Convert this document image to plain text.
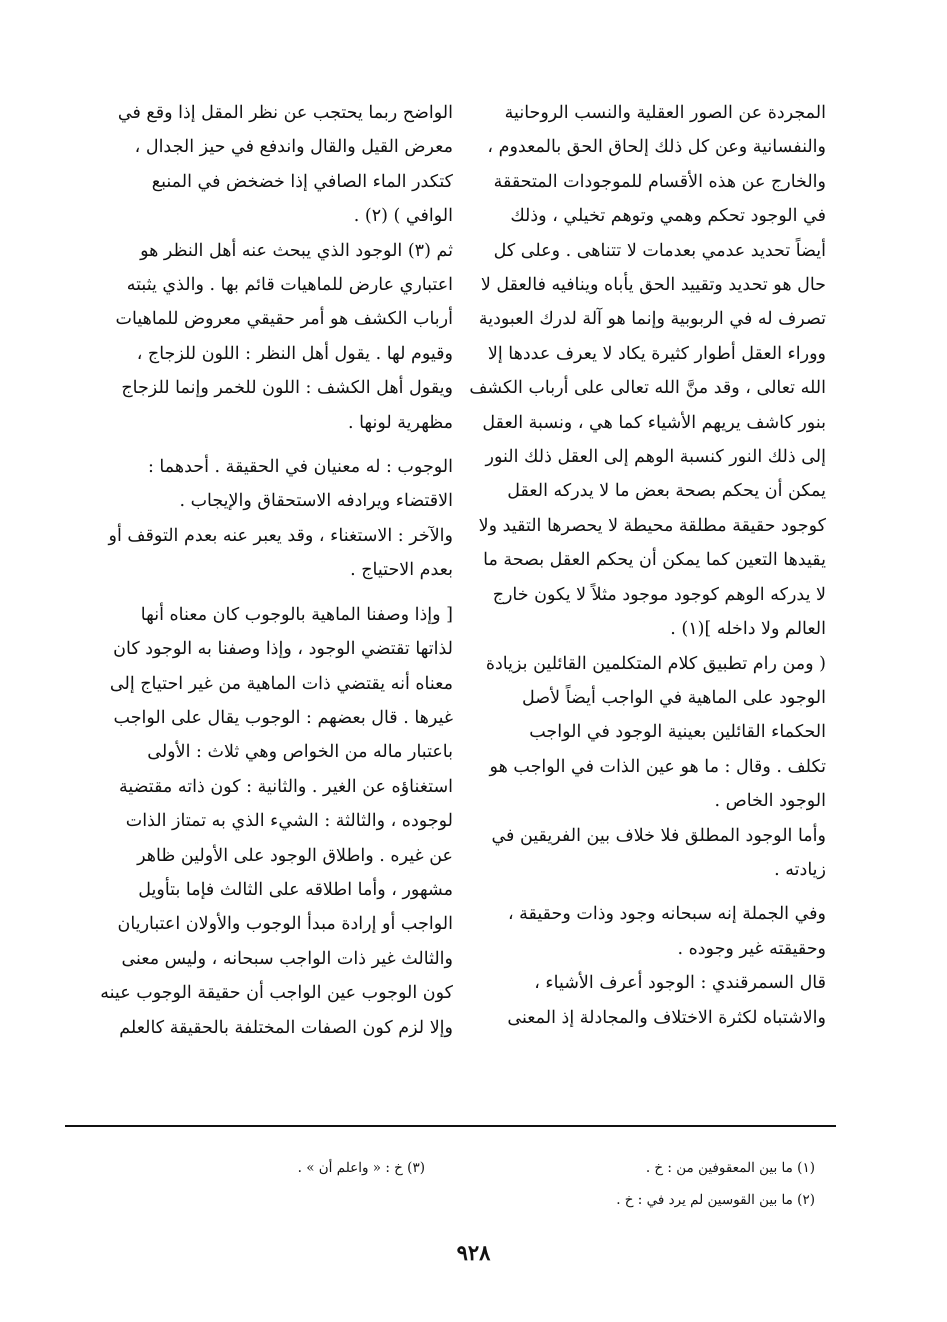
المجردة عن الصور العقلية والنسب الروحانية
والنفسانية وعن كل ذلك إلحاق الحق بالمعدوم ،
والخارج عن هذه الأقسام للموجودات المتحققة
في الوجود تحكم وهمي وتوهم تخيلي ، وذلك
أيضاً تحديد عدمي بعدمات لا تتناهى . وعلى كل
حال هو تحديد وتقييد الحق يأباه وينافيه فالعقل لا
تصرف له في الربوبية وإنما هو آلة لدرك العبودية
ووراء العقل أطوار كثيرة يكاد لا يعرف عددها إلا
الله تعالى ، وقد منَّ الله تعالى على أرباب الكشف
بنور كاشف يريهم الأشياء كما هي ، ونسبة العقل
إلى ذلك النور كنسبة الوهم إلى العقل ذلك النور
يمكن أن يحكم بصحة بعض ما لا يدركه العقل
كوجود حقيقة مطلقة محيطة لا يحصرها التقيد ولا
يقيدها التعين كما يمكن أن يحكم العقل بصحة ما
لا يدركه الوهم كوجود موجود مثلاً لا يكون خارج
العالم ولا داخله ](١) .

( ومن رام تطبيق كلام المتكلمين القائلين بزيادة
الوجود على الماهية في الواجب أيضاً لأصل
الحكماء القائلين بعينية الوجود في الواجب
تكلف . وقال : ما هو عين الذات في الواجب هو
الوجود الخاص .

وأما الوجود المطلق فلا خلاف بين الفريقين في
زيادته .

وفي الجملة إنه سبحانه وجود وذات وحقيقة ،
وحقيقته غير وجوده .

قال السمرقندي : الوجود أعرف الأشياء ،
والاشتباه لكثرة الاختلاف والمجادلة إذ المعنى

الواضح ربما يحتجب عن نظر المقل إذا وقع في
معرض القيل والقال واندفع في حيز الجدال ،
كتكدر الماء الصافي إذا خضخض في المنبع
الوافي ) (٢) .

ثم (٣) الوجود الذي يبحث عنه أهل النظر هو
اعتباري عارض للماهيات قائم بها . والذي يثبته
أرباب الكشف هو أمر حقيقي معروض للماهيات
وقيوم لها . يقول أهل النظر : اللون للزجاج ،
ويقول أهل الكشف : اللون للخمر وإنما للزجاج
مظهرية لونها .

الوجوب : له معنيان في الحقيقة . أحدهما :
الاقتضاء ويرادفه الاستحقاق والإيجاب .

والآخر : الاستغناء ، وقد يعبر عنه بعدم التوقف أو
بعدم الاحتياج .

[ وإذا وصفنا الماهية بالوجوب كان معناه أنها
لذاتها تقتضي الوجود ، وإذا وصفنا به الوجود كان
معناه أنه يقتضي ذات الماهية من غير احتياج إلى
غيرها . قال بعضهم : الوجوب يقال على الواجب
باعتبار ماله من الخواص وهي ثلاث : الأولى
استغناؤه عن الغير . والثانية : كون ذاته مقتضية
لوجوده ، والثالثة : الشيء الذي به تمتاز الذات
عن غيره . واطلاق الوجود على الأولين ظاهر
مشهور ، وأما اطلاقه على الثالث فإما بتأويل
الواجب أو إرادة مبدأ الوجوب والأولان اعتباريان
والثالث غير ذات الواجب سبحانه ، وليس معنى
كون الوجوب عين الواجب أن حقيقة الوجوب عينه
وإلا لزم كون الصفات المختلفة بالحقيقة كالعلم

(١) ما بين المعقوفين من : خ .
(٢) ما بين القوسين لم يرد في : خ .
(٣) خ : « واعلم أن » .
٩٢٨
